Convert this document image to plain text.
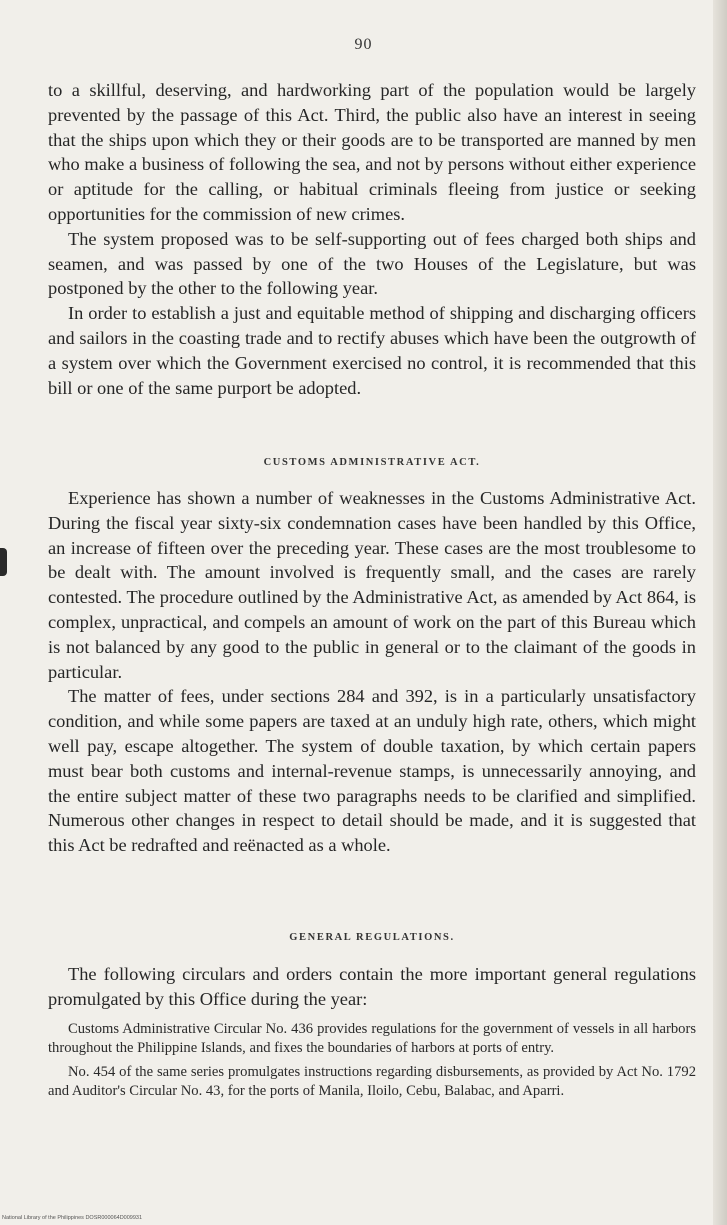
90

to a skillful, deserving, and hardworking part of the population would be largely prevented by the passage of this Act. Third, the public also have an interest in seeing that the ships upon which they or their goods are to be transported are manned by men who make a business of following the sea, and not by persons without either experience or aptitude for the calling, or habitual criminals fleeing from justice or seeking opportunities for the commission of new crimes.

The system proposed was to be self-supporting out of fees charged both ships and seamen, and was passed by one of the two Houses of the Legislature, but was postponed by the other to the following year.

In order to establish a just and equitable method of shipping and discharging officers and sailors in the coasting trade and to rectify abuses which have been the outgrowth of a system over which the Government exercised no control, it is recommended that this bill or one of the same purport be adopted.

CUSTOMS ADMINISTRATIVE ACT.

Experience has shown a number of weaknesses in the Customs Administrative Act. During the fiscal year sixty-six condemnation cases have been handled by this Office, an increase of fifteen over the preceding year. These cases are the most troublesome to be dealt with. The amount involved is frequently small, and the cases are rarely contested. The procedure outlined by the Administrative Act, as amended by Act 864, is complex, unpractical, and compels an amount of work on the part of this Bureau which is not balanced by any good to the public in general or to the claimant of the goods in particular.

The matter of fees, under sections 284 and 392, is in a particularly unsatisfactory condition, and while some papers are taxed at an unduly high rate, others, which might well pay, escape altogether. The system of double taxation, by which certain papers must bear both customs and internal-revenue stamps, is unnecessarily annoying, and the entire subject matter of these two paragraphs needs to be clarified and simplified. Numerous other changes in respect to detail should be made, and it is suggested that this Act be redrafted and reënacted as a whole.

GENERAL REGULATIONS.

The following circulars and orders contain the more important general regulations promulgated by this Office during the year:

Customs Administrative Circular No. 436 provides regulations for the government of vessels in all harbors throughout the Philippine Islands, and fixes the boundaries of harbors at ports of entry.

No. 454 of the same series promulgates instructions regarding disbursements, as provided by Act No. 1792 and Auditor's Circular No. 43, for the ports of Manila, Iloilo, Cebu, Balabac, and Aparri.

National Library of the Philippines DOSR000064D009931
